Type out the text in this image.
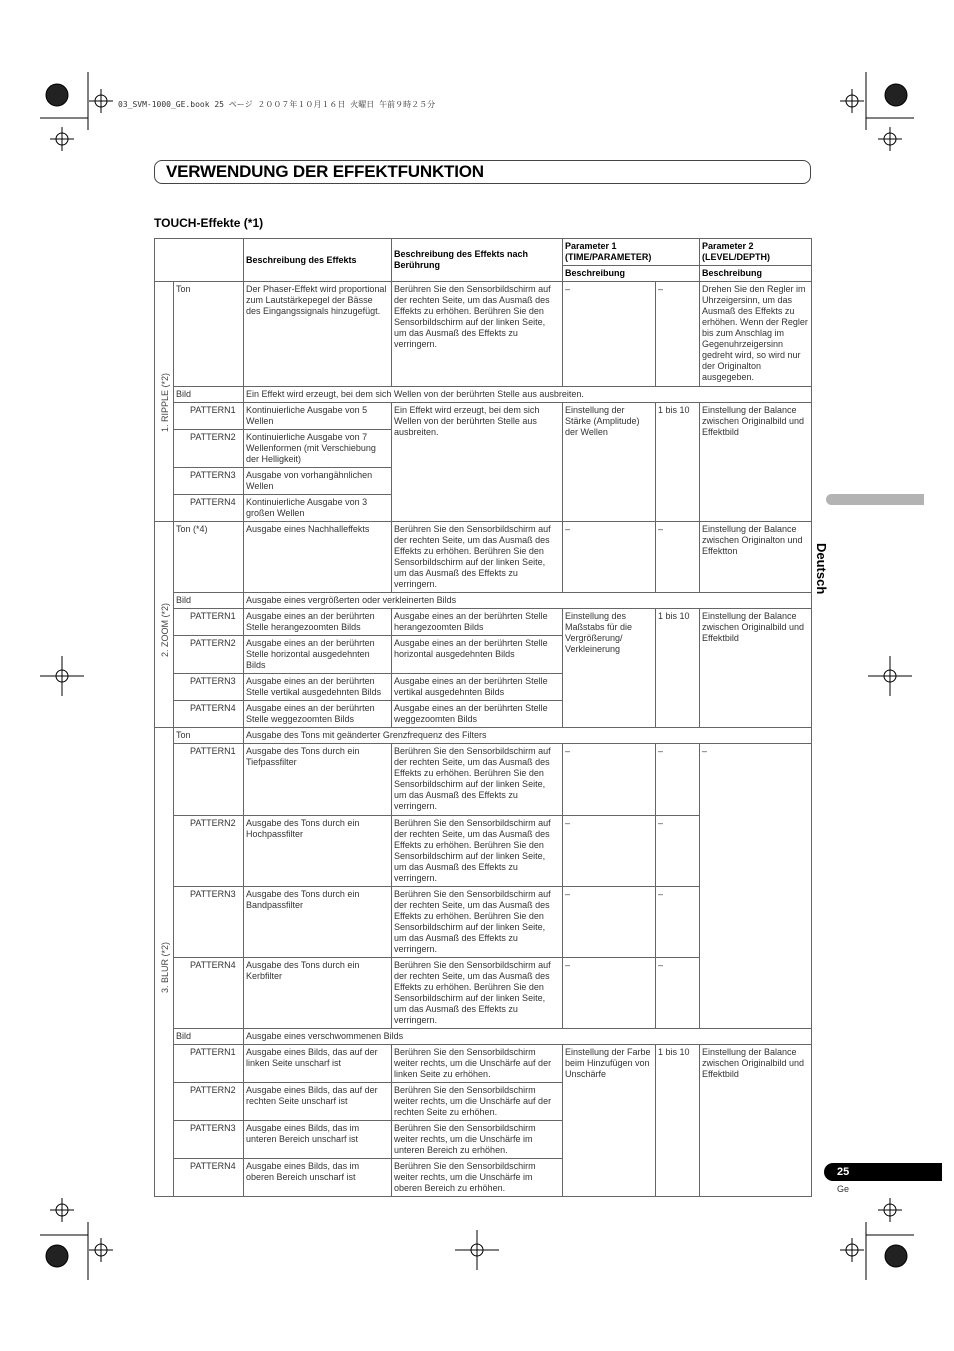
03_SVM-1000_GE.book 25 ページ ２００７年１０月１６日 火曜日 午前９時２５分
VERWENDUNG DER EFFEKTFUNKTION
TOUCH-Effekte (*1)
Deutsch
25
Ge
		Beschreibung des Effekts	Beschreibung des Effekts nach Berührung	Parameter 1 (TIME/PARAMETER)		Parameter 2 (LEVEL/DEPTH)
				Beschreibung		Beschreibung

1. RIPPLE (*2)	Ton	Der Phaser-Effekt wird proportional zum Lautstärkepegel der Bässe des Eingangssignals hinzugefügt.	Berühren Sie den Sensorbildschirm auf der rechten Seite, um das Ausmaß des Effekts zu erhöhen. Berühren Sie den Sensorbildschirm auf der linken Seite, um das Ausmaß des Effekts zu verringern.	–	–	Drehen Sie den Regler im Uhrzeigersinn, um das Ausmaß des Effekts zu erhöhen. Wenn der Regler bis zum Anschlag im Gegenuhrzeigersinn gedreht wird, so wird nur der Originalton ausgegeben.
	Bild	Ein Effekt wird erzeugt, bei dem sich Wellen von der berührten Stelle aus ausbreiten.				
	PATTERN1	Kontinuierliche Ausgabe von 5 Wellen	Ein Effekt wird erzeugt, bei dem sich Wellen von der berührten Stelle aus ausbreiten.	Einstellung der Stärke (Amplitude) der Wellen	1 bis 10	Einstellung der Balance zwischen Originalbild und Effektbild
	PATTERN2	Kontinuierliche Ausgabe von 7 Wellenformen (mit Verschiebung der Helligkeit)				
	PATTERN3	Ausgabe von vorhangähnlichen Wellen				
	PATTERN4	Kontinuierliche Ausgabe von 3 großen Wellen				

2. ZOOM (*2)	Ton (*4)	Ausgabe eines Nachhalleffekts	Berühren Sie den Sensorbildschirm auf der rechten Seite, um das Ausmaß des Effekts zu erhöhen. Berühren Sie den Sensorbildschirm auf der linken Seite, um das Ausmaß des Effekts zu verringern.	–	–	Einstellung der Balance zwischen Originalton und Effektton
	Bild	Ausgabe eines vergrößerten oder verkleinerten Bilds				
	PATTERN1	Ausgabe eines an der berührten Stelle herangezoomten Bilds	Ausgabe eines an der berührten Stelle herangezoomten Bilds	Einstellung des Maßstabs für die Vergrößerung/ Verkleinerung	1 bis 10	Einstellung der Balance zwischen Originalbild und Effektbild
	PATTERN2	Ausgabe eines an der berührten Stelle horizontal ausgedehnten Bilds	Ausgabe eines an der berührten Stelle horizontal ausgedehnten Bilds			
	PATTERN3	Ausgabe eines an der berührten Stelle vertikal ausgedehnten Bilds	Ausgabe eines an der berührten Stelle vertikal ausgedehnten Bilds			
	PATTERN4	Ausgabe eines an der berührten Stelle weggezoomten Bilds	Ausgabe eines an der berührten Stelle weggezoomten Bilds			

3. BLUR (*2)	Ton	Ausgabe des Tons mit geänderter Grenzfrequenz des Filters				
	PATTERN1	Ausgabe des Tons durch ein Tiefpassfilter	Berühren Sie den Sensorbildschirm auf der rechten Seite, um das Ausmaß des Effekts zu erhöhen. Berühren Sie den Sensorbildschirm auf der linken Seite, um das Ausmaß des Effekts zu verringern.	–	–	–
	PATTERN2	Ausgabe des Tons durch ein Hochpassfilter	Berühren Sie den Sensorbildschirm auf der rechten Seite, um das Ausmaß des Effekts zu erhöhen. Berühren Sie den Sensorbildschirm auf der linken Seite, um das Ausmaß des Effekts zu verringern.	–	–	
	PATTERN3	Ausgabe des Tons durch ein Bandpassfilter	Berühren Sie den Sensorbildschirm auf der rechten Seite, um das Ausmaß des Effekts zu erhöhen. Berühren Sie den Sensorbildschirm auf der linken Seite, um das Ausmaß des Effekts zu verringern.	–	–	
	PATTERN4	Ausgabe des Tons durch ein Kerbfilter	Berühren Sie den Sensorbildschirm auf der rechten Seite, um das Ausmaß des Effekts zu erhöhen. Berühren Sie den Sensorbildschirm auf der linken Seite, um das Ausmaß des Effekts zu verringern.	–	–	
	Bild	Ausgabe eines verschwommenen Bilds				
	PATTERN1	Ausgabe eines Bilds, das auf der linken Seite unscharf ist	Berühren Sie den Sensorbildschirm weiter rechts, um die Unschärfe auf der linken Seite zu erhöhen.	Einstellung der Farbe beim Hinzufügen von Unschärfe	1 bis 10	Einstellung der Balance zwischen Originalbild und Effektbild
	PATTERN2	Ausgabe eines Bilds, das auf der rechten Seite unscharf ist	Berühren Sie den Sensorbildschirm weiter rechts, um die Unschärfe auf der rechten Seite zu erhöhen.			
	PATTERN3	Ausgabe eines Bilds, das im unteren Bereich unscharf ist	Berühren Sie den Sensorbildschirm weiter rechts, um die Unschärfe im unteren Bereich zu erhöhen.			
	PATTERN4	Ausgabe eines Bilds, das im oberen Bereich unscharf ist	Berühren Sie den Sensorbildschirm weiter rechts, um die Unschärfe im oberen Bereich zu erhöhen.			
